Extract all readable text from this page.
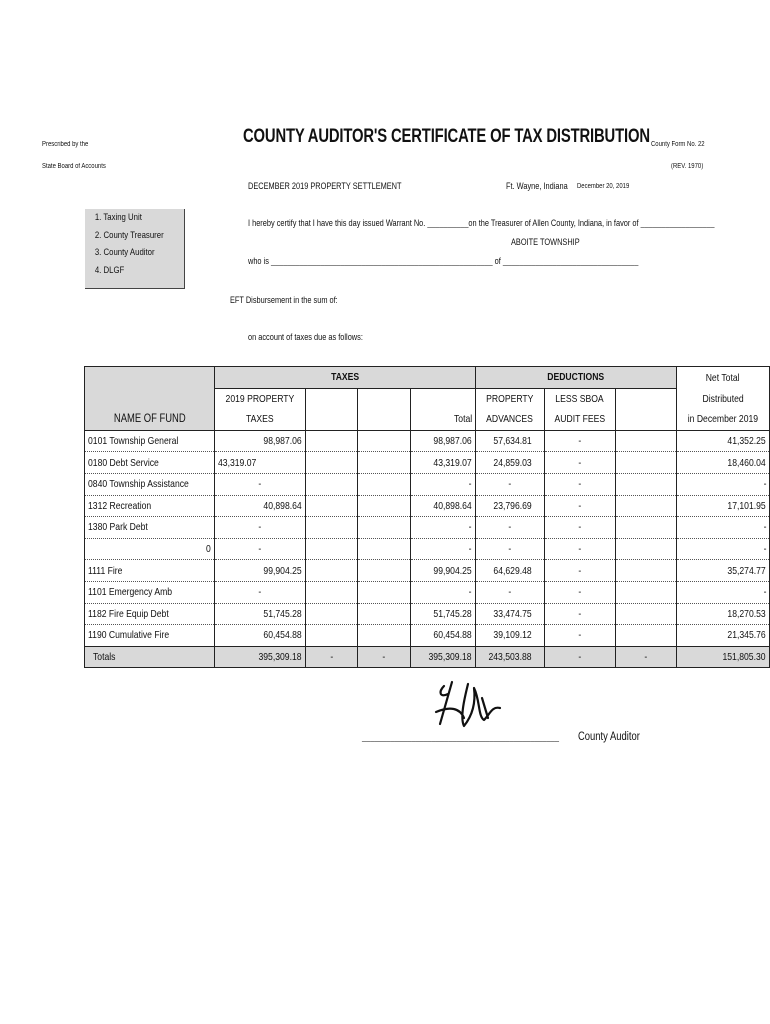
Prescribed by the
State Board of Accounts
COUNTY AUDITOR'S CERTIFICATE OF TAX DISTRIBUTION County Form No. 22
(REV. 1970)
DECEMBER 2019 PROPERTY SETTLEMENT	Ft. Wayne, Indiana December 20, 2019
1. Taxing Unit
2. County Treasurer
3. County Auditor
4. DLGF
I hereby certify that I have this day issued Warrant No. __________on the Treasurer of Allen County, Indiana, in favor of __________________
ABOITE TOWNSHIP
who is ______________________________________________________ of _________________________________
EFT Disbursement in the sum of:
on account of taxes due as follows:
	TAXES				DEDUCTIONS			Net Total
	2019 PROPERTY				PROPERTY	LESS SBOA		Distributed
NAME OF FUND	TAXES			Total	ADVANCES	AUDIT FEES		in December 2019
0101 Township General	98,987.06			98,987.06	57,634.81	-		41,352.25
0180 Debt Service	43,319.07			43,319.07	24,859.03	-		18,460.04
0840 Township Assistance	-			-	-	-		-
1312 Recreation	40,898.64			40,898.64	23,796.69	-		17,101.95
1380 Park Debt	-			-	-	-		-
0	-			-	-	-		-
1111 Fire	99,904.25			99,904.25	64,629.48	-		35,274.77
1101 Emergency Amb	-			-	-	-		-
1182 Fire Equip Debt	51,745.28			51,745.28	33,474.75	-		18,270.53
1190 Cumulative Fire	60,454.88			60,454.88	39,109.12	-		21,345.76
Totals	395,309.18	-	-	395,309.18	243,503.88	-	-	151,805.30
________________________________________________ County Auditor
